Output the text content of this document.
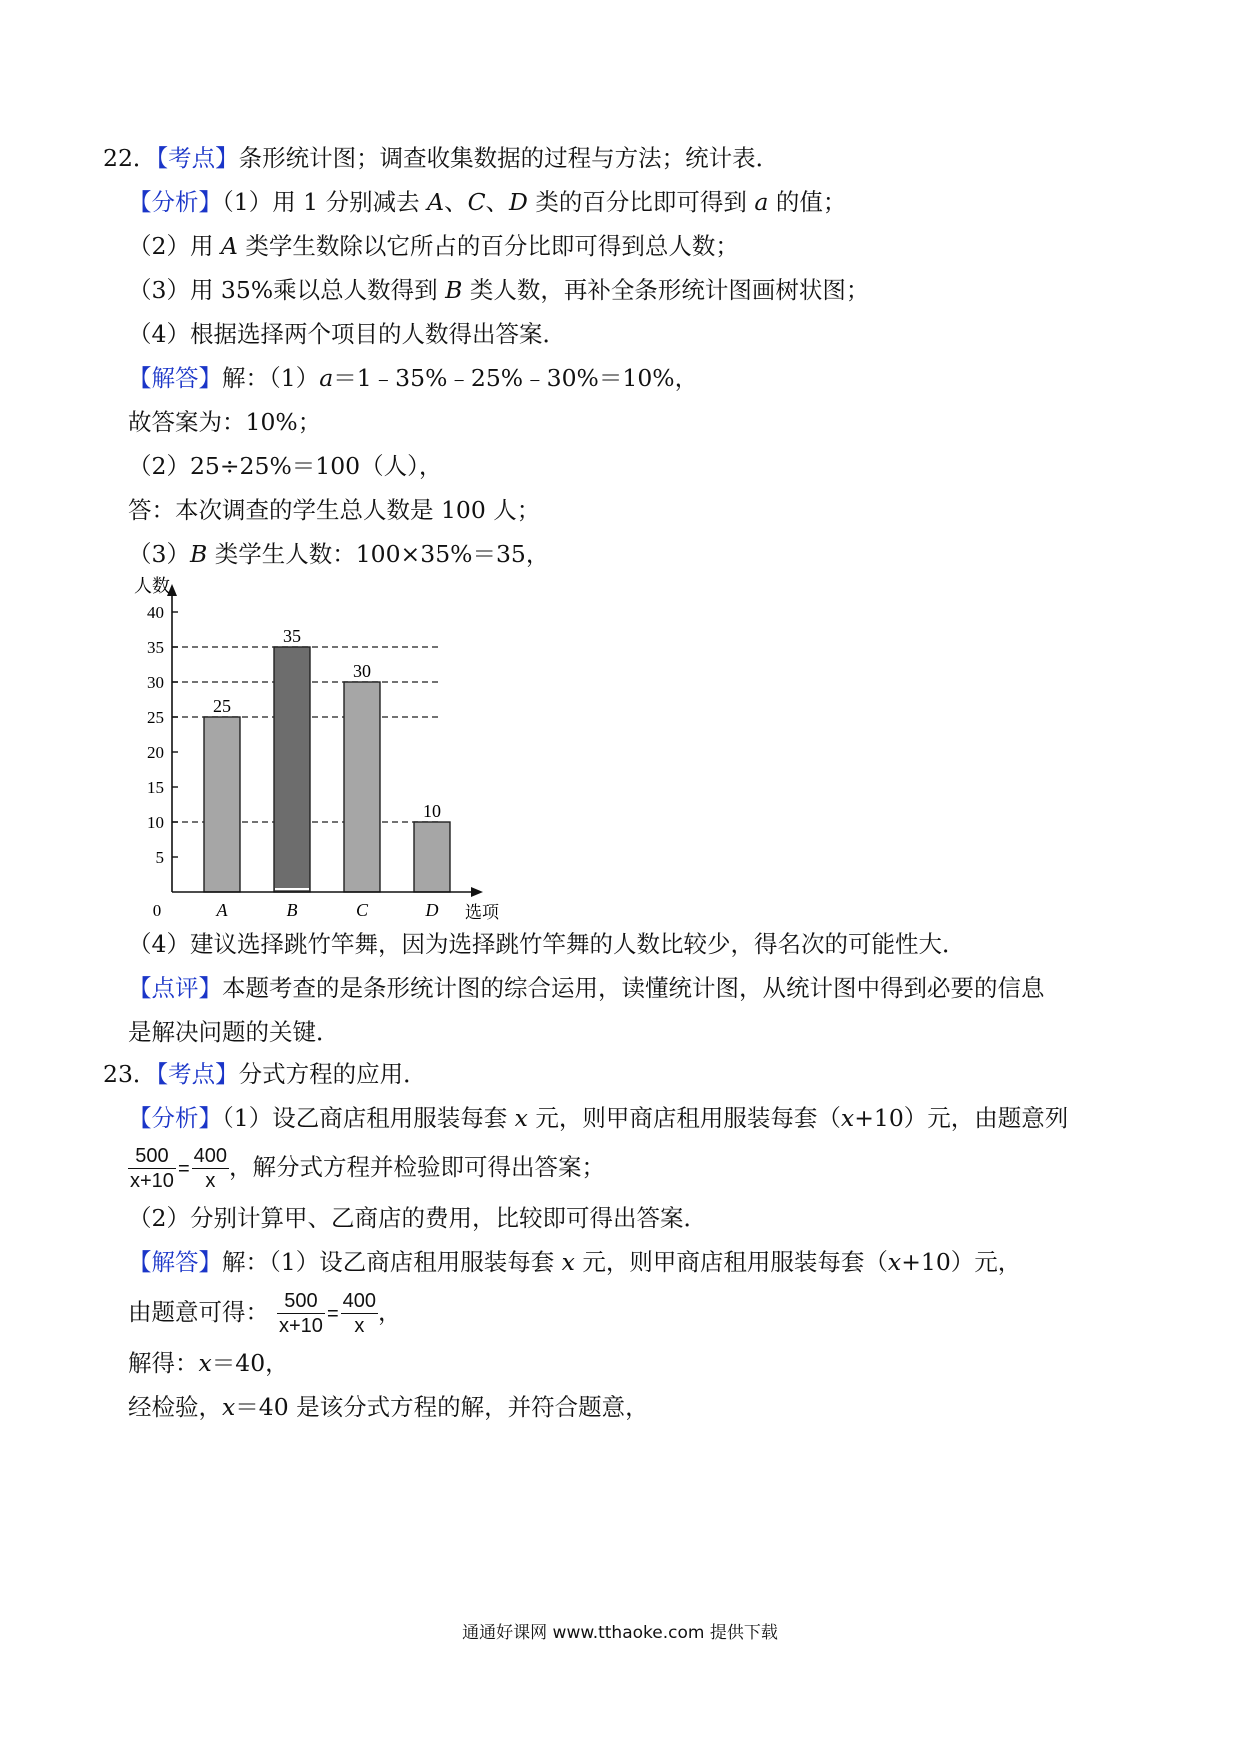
22．【考点】条形统计图；调查收集数据的过程与方法；统计表．
【分析】（1）用 1 分别减去 A、C、D 类的百分比即可得到 a 的值；
（2）用 A 类学生数除以它所占的百分比即可得到总人数；
（3）用 35%乘以总人数得到 B 类人数，再补全条形统计图画树状图；
（4）根据选择两个项目的人数得出答案．
【解答】解：（1）a＝1﹣35%﹣25%﹣30%＝10%，
故答案为：10%；
（2）25÷25%＝100（人），
答：本次调查的学生总人数是 100 人；
（3）B 类学生人数：100×35%＝35，
25
A
35
B
30
C
10
D
5
10
15
20
25
30
35
40
0
人数
选项
（4）建议选择跳竹竿舞，因为选择跳竹竿舞的人数比较少，得名次的可能性大．
【点评】本题考查的是条形统计图的综合运用，读懂统计图，从统计图中得到必要的信息
是解决问题的关键．
23．【考点】分式方程的应用．
【分析】（1）设乙商店租用服装每套 x 元，则甲商店租用服装每套（x+10）元，由题意列
$\frac{500}{x+10} = \frac{400}{x}$ ，解分式方程并检验即可得出答案；
（2）分别计算甲、乙商店的费用，比较即可得出答案．
【解答】解：（1）设乙商店租用服装每套 x 元，则甲商店租用服装每套（x+10）元，
由题意可得： $\frac{500}{x+10} = \frac{400}{x}$ ，
解得：x＝40，
经检验，x＝40 是该分式方程的解，并符合题意，
通通好课网 www.tthaoke.com 提供下载
